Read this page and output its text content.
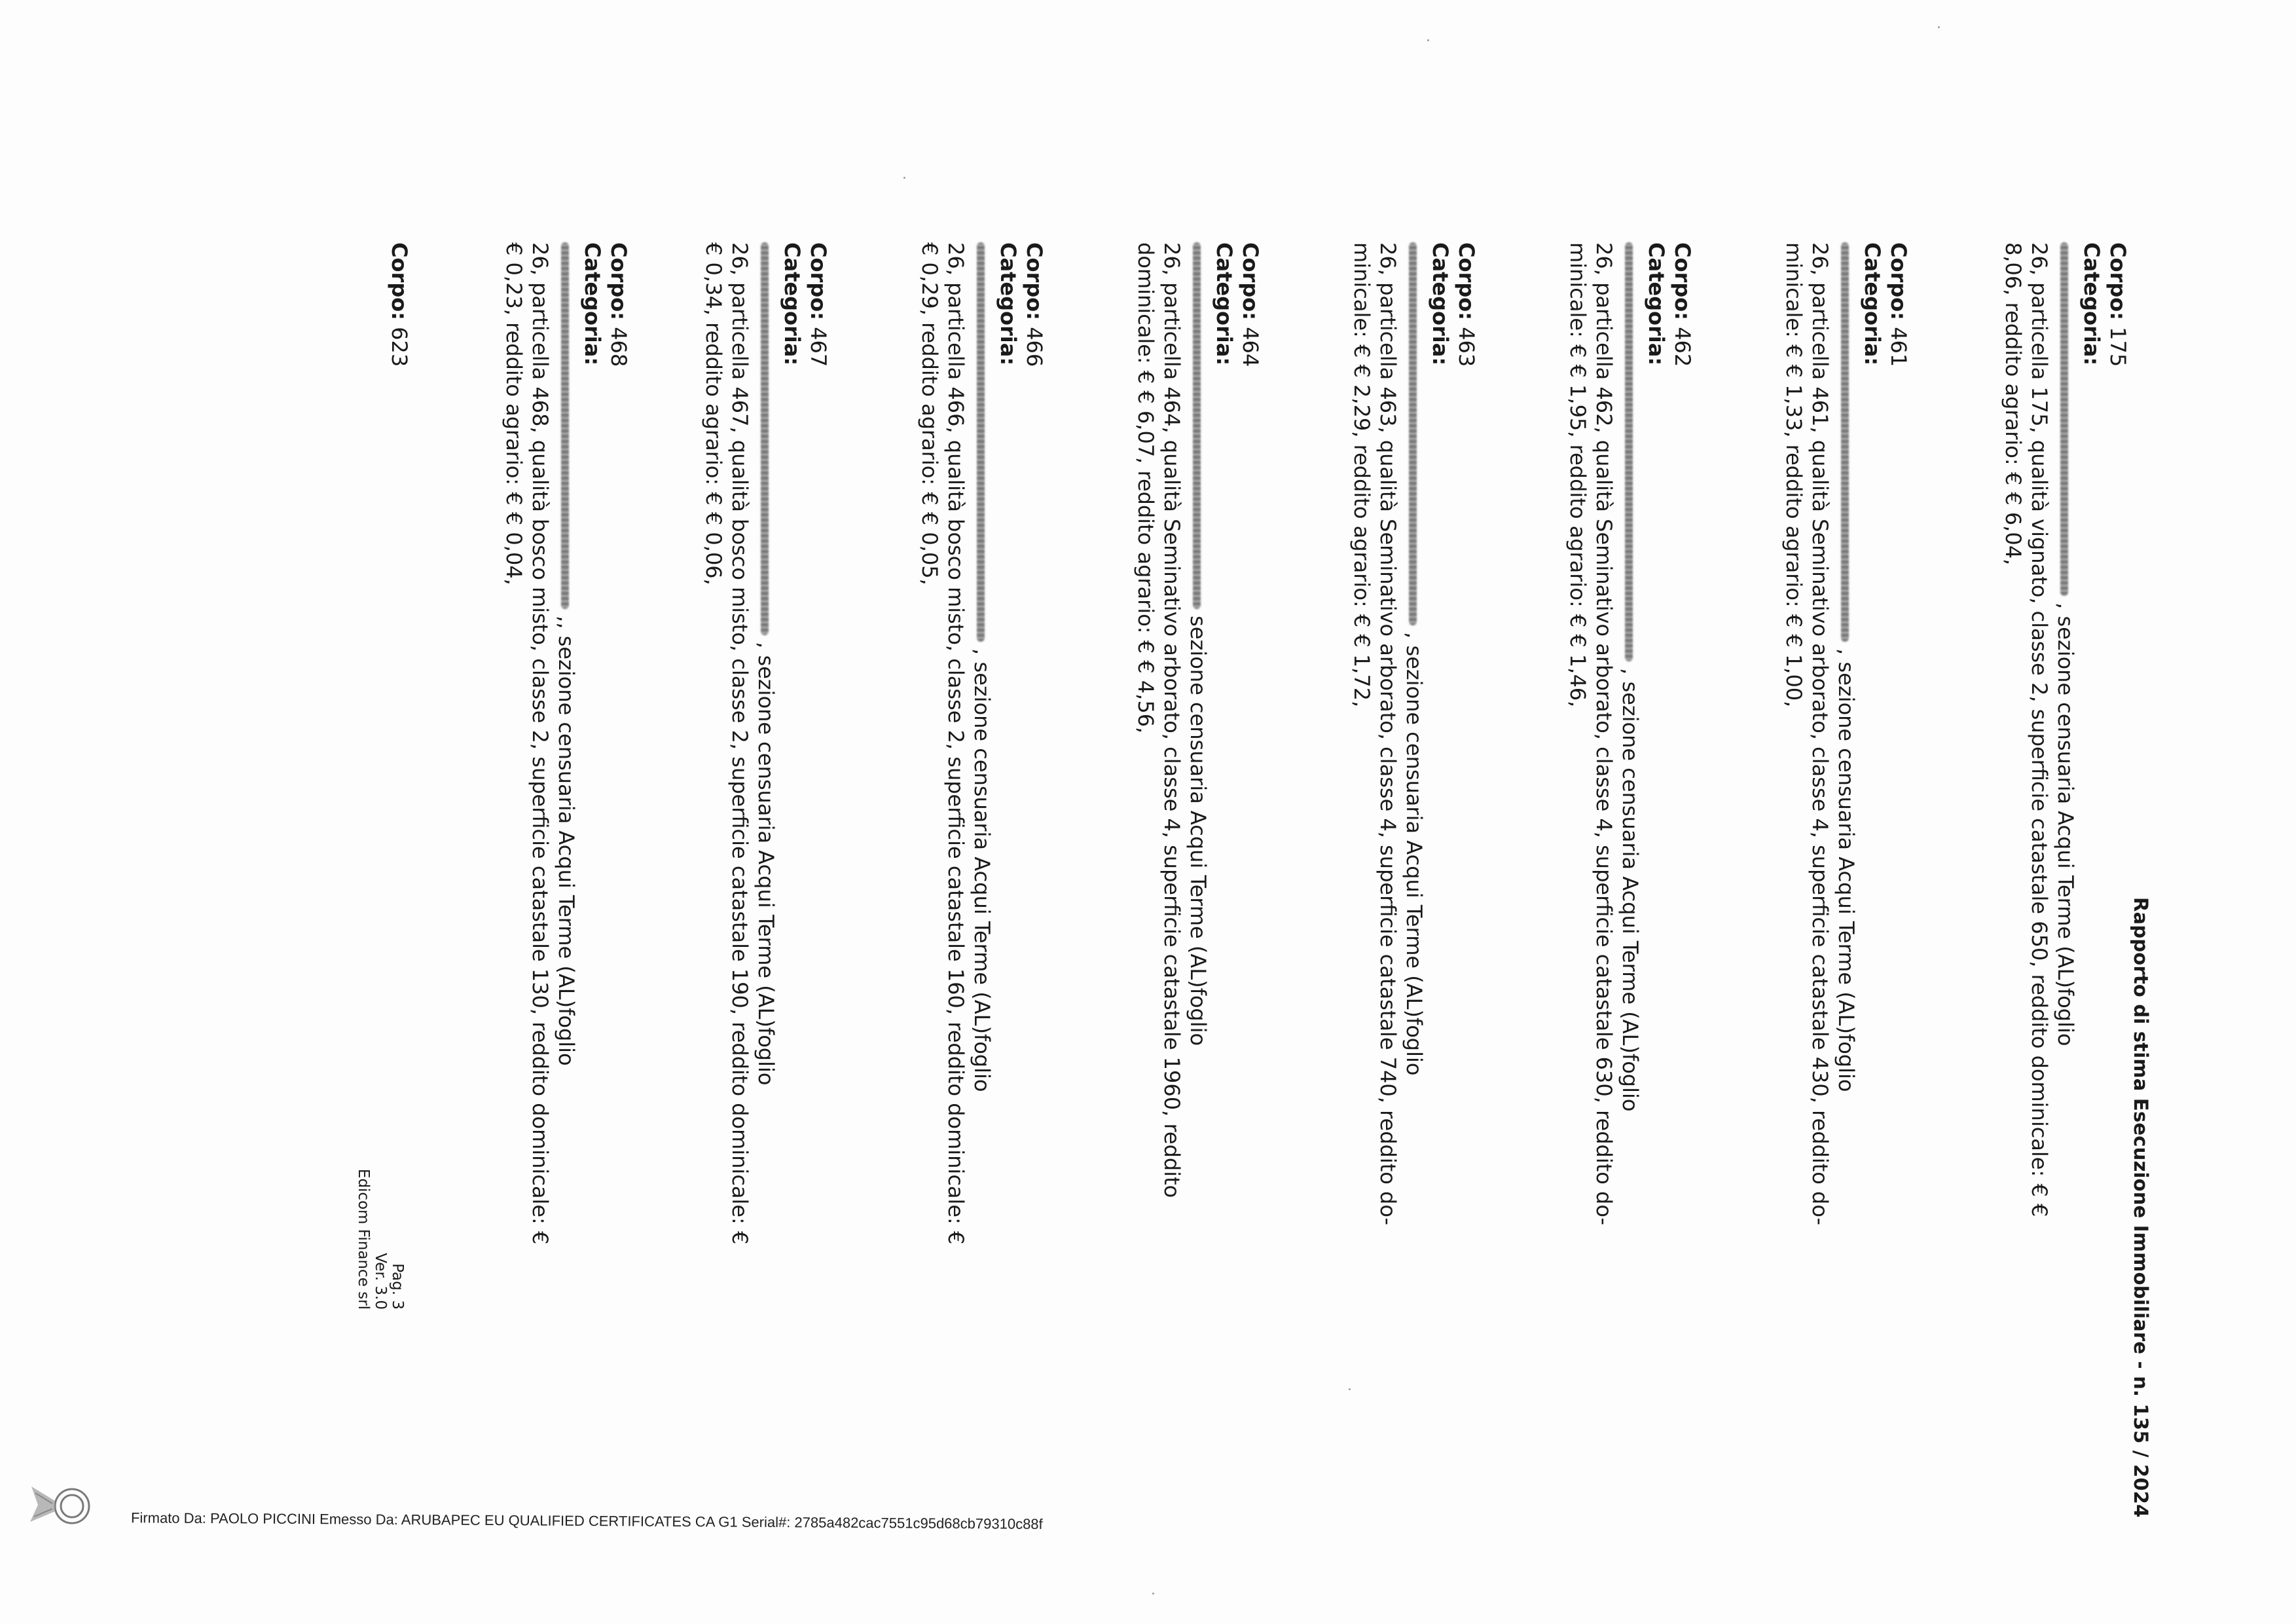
Rapporto di stima Esecuzione Immobiliare - n. 135 / 2024
Corpo: 175
Categoria:
, sezione censuaria Acqui Terme (AL)foglio
26, particella 175, qualità vignato, classe 2, superficie catastale 650, reddito dominicale: € €
8,06, reddito agrario: € € 6,04,
Corpo: 461
Categoria:
, sezione censuaria Acqui Terme (AL)foglio
26, particella 461, qualità Seminativo arborato, classe 4, superficie catastale 430, reddito do-
minicale: € € 1,33, reddito agrario: € € 1,00,
Corpo: 462
Categoria:
, sezione censuaria Acqui Terme (AL)foglio
26, particella 462, qualità Seminativo arborato, classe 4, superficie catastale 630, reddito do-
minicale: € € 1,95, reddito agrario: € € 1,46,
Corpo: 463
Categoria:
, sezione censuaria Acqui Terme (AL)foglio
26, particella 463, qualità Seminativo arborato, classe 4, superficie catastale 740, reddito do-
minicale: € € 2,29, reddito agrario: € € 1,72,
Corpo: 464
Categoria:
sezione censuaria Acqui Terme (AL)foglio
26, particella 464, qualità Seminativo arborato, classe 4, superficie catastale 1960, reddito
dominicale: € € 6,07, reddito agrario: € € 4,56,
Corpo: 466
Categoria:
, sezione censuaria Acqui Terme (AL)foglio
26, particella 466, qualità bosco misto, classe 2, superficie catastale 160, reddito dominicale: €
€ 0,29, reddito agrario: € € 0,05,
Corpo: 467
Categoria:
, sezione censuaria Acqui Terme (AL)foglio
26, particella 467, qualità bosco misto, classe 2, superficie catastale 190, reddito dominicale: €
€ 0,34, reddito agrario: € € 0,06,
Corpo: 468
Categoria:
,, sezione censuaria Acqui Terme (AL)foglio
26, particella 468, qualità bosco misto, classe 2, superficie catastale 130, reddito dominicale: €
€ 0,23, reddito agrario: € € 0,04,
Corpo: 623
Pag. 3
Ver. 3.0
Edicom Finance srl
Firmato Da: PAOLO PICCINI Emesso Da: ARUBAPEC EU QUALIFIED CERTIFICATES CA G1 Serial#: 2785a482cac7551c95d68cb79310c88f
